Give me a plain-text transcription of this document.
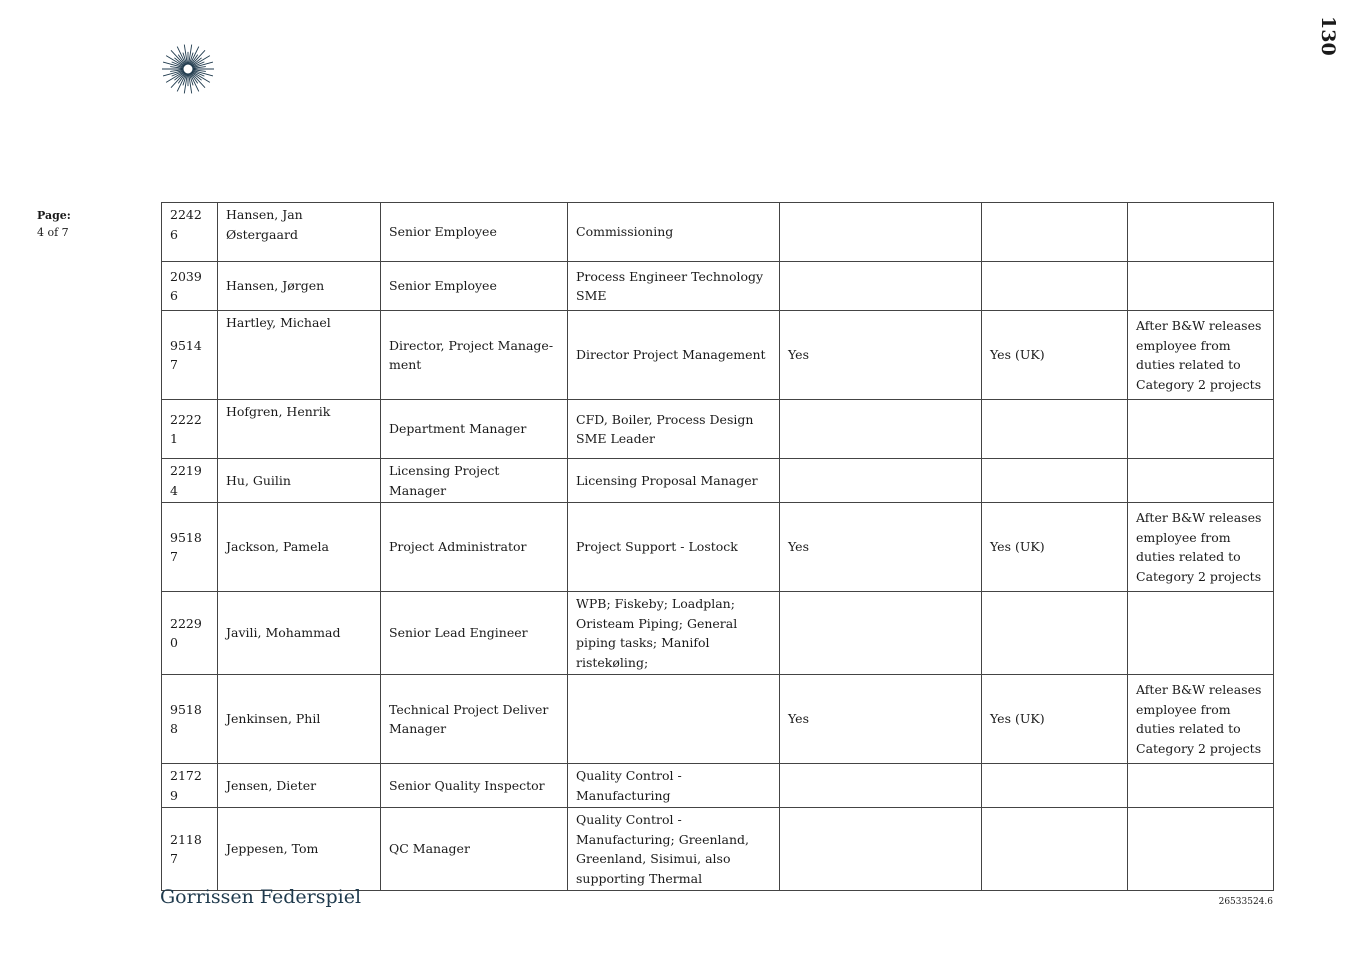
130
Page:
4 of 7
22426	Hansen, Jan Østergaard	Senior Employee	Commissioning			
20396	Hansen, Jørgen	Senior Employee	Process Engineer Technology SME			
95147	Hartley, Michael	Director, Project Manage-ment	Director Project Management	Yes	Yes (UK)	After B&W releases employee from duties related to Category 2 projects
22221	Hofgren, Henrik	Department Manager	CFD, Boiler, Process Design SME Leader			
22194	Hu, Guilin	Licensing Project Manager	Licensing Proposal Manager			
95187	Jackson, Pamela	Project Administrator	Project Support - Lostock	Yes	Yes (UK)	After B&W releases employee from duties related to Category 2 projects
22290	Javili, Mohammad	Senior Lead Engineer	WPB; Fiskeby; Loadplan; Oristeam Piping; General piping tasks; Manifol ristekøling;			
95188	Jenkinsen, Phil	Technical Project Deliver Manager		Yes	Yes (UK)	After B&W releases employee from duties related to Category 2 projects
21729	Jensen, Dieter	Senior Quality Inspector	Quality Control - Manufacturing			
21187	Jeppesen, Tom	QC Manager	Quality Control - Manufacturing; Greenland, Greenland, Sisimui, also supporting Thermal			
Gorrissen Federspiel	26533524.6
